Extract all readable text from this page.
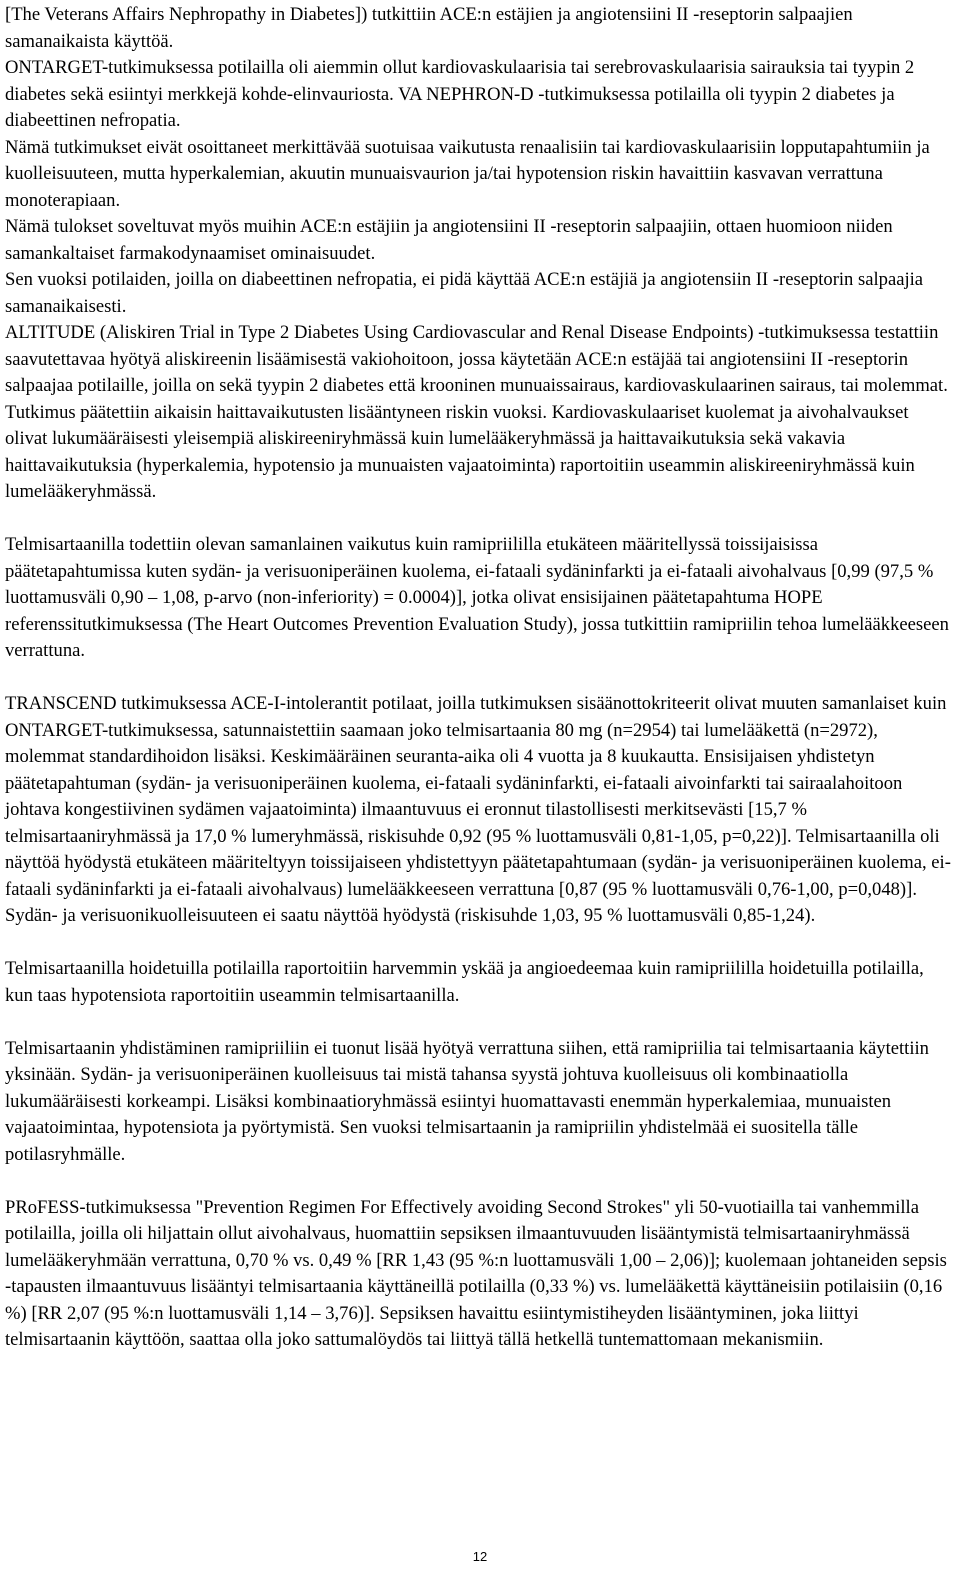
[The Veterans Affairs Nephropathy in Diabetes]) tutkittiin ACE:n estäjien ja angiotensiini II -reseptorin salpaajien samanaikaista käyttöä.

ONTARGET-tutkimuksessa potilailla oli aiemmin ollut kardiovaskulaarisia tai serebrovaskulaarisia sairauksia tai tyypin 2 diabetes sekä esiintyi merkkejä kohde-elinvauriosta. VA NEPHRON-D -tutkimuksessa potilailla oli tyypin 2 diabetes ja diabeettinen nefropatia.

Nämä tutkimukset eivät osoittaneet merkittävää suotuisaa vaikutusta renaalisiin tai kardiovaskulaarisiin lopputapahtumiin ja kuolleisuuteen, mutta hyperkalemian, akuutin munuaisvaurion ja/tai hypotension riskin havaittiin kasvavan verrattuna monoterapiaan.

Nämä tulokset soveltuvat myös muihin ACE:n estäjiin ja angiotensiini II -reseptorin salpaajiin, ottaen huomioon niiden samankaltaiset farmakodynaamiset ominaisuudet.

Sen vuoksi potilaiden, joilla on diabeettinen nefropatia, ei pidä käyttää ACE:n estäjiä ja angiotensiin II -reseptorin salpaajia samanaikaisesti.

ALTITUDE (Aliskiren Trial in Type 2 Diabetes Using Cardiovascular and Renal Disease Endpoints) -tutkimuksessa testattiin saavutettavaa hyötyä aliskireenin lisäämisestä vakiohoitoon, jossa käytetään ACE:n estäjää tai angiotensiini II -reseptorin salpaajaa potilaille, joilla on sekä tyypin 2 diabetes että krooninen munuaissairaus, kardiovaskulaarinen sairaus, tai molemmat. Tutkimus päätettiin aikaisin haittavaikutusten lisääntyneen riskin vuoksi. Kardiovaskulaariset kuolemat ja aivohalvaukset olivat lukumääräisesti yleisempiä aliskireeniryhmässä kuin lumelääkeryhmässä ja haittavaikutuksia sekä vakavia haittavaikutuksia (hyperkalemia, hypotensio ja munuaisten vajaatoiminta) raportoitiin useammin aliskireeniryhmässä kuin lumelääkeryhmässä.

Telmisartaanilla todettiin olevan samanlainen vaikutus kuin ramipriililla etukäteen määritellyssä toissijaisissa päätetapahtumissa kuten sydän- ja verisuoniperäinen kuolema, ei-fataali sydäninfarkti ja ei-fataali aivohalvaus [0,99 (97,5 % luottamusväli 0,90 – 1,08, p-arvo (non-inferiority) = 0.0004)], jotka olivat ensisijainen päätetapahtuma HOPE referenssitutkimuksessa (The Heart Outcomes Prevention Evaluation Study), jossa tutkittiin ramipriilin tehoa lumelääkkeeseen verrattuna.

TRANSCEND tutkimuksessa ACE-I-intolerantit potilaat, joilla tutkimuksen sisäänottokriteerit olivat muuten samanlaiset kuin ONTARGET-tutkimuksessa, satunnaistettiin saamaan joko telmisartaania 80 mg (n=2954) tai lumelääkettä (n=2972), molemmat standardihoidon lisäksi. Keskimääräinen seuranta-aika oli 4 vuotta ja 8 kuukautta. Ensisijaisen yhdistetyn päätetapahtuman (sydän- ja verisuoniperäinen kuolema, ei-fataali sydäninfarkti, ei-fataali aivoinfarkti tai sairaalahoitoon johtava kongestiivinen sydämen vajaatoiminta) ilmaantuvuus ei eronnut tilastollisesti merkitsevästi [15,7 % telmisartaaniryhmässä ja 17,0 % lumeryhmässä, riskisuhde 0,92 (95 % luottamusväli 0,81-1,05, p=0,22)]. Telmisartaanilla oli näyttöä hyödystä etukäteen määriteltyyn toissijaiseen yhdistettyyn päätetapahtumaan (sydän- ja verisuoniperäinen kuolema, ei-fataali sydäninfarkti ja ei-fataali aivohalvaus) lumelääkkeeseen verrattuna [0,87 (95 % luottamusväli 0,76-1,00, p=0,048)]. Sydän- ja verisuonikuolleisuuteen ei saatu näyttöä hyödystä (riskisuhde 1,03, 95 % luottamusväli 0,85-1,24).

Telmisartaanilla hoidetuilla potilailla raportoitiin harvemmin yskää ja angioedeemaa kuin ramipriililla hoidetuilla potilailla, kun taas hypotensiota raportoitiin useammin telmisartaanilla.

Telmisartaanin yhdistäminen ramipriiliin ei tuonut lisää hyötyä verrattuna siihen, että ramipriilia tai telmisartaania käytettiin yksinään. Sydän- ja verisuoniperäinen kuolleisuus tai mistä tahansa syystä johtuva kuolleisuus oli kombinaatiolla lukumääräisesti korkeampi. Lisäksi kombinaatioryhmässä esiintyi huomattavasti enemmän hyperkalemiaa, munuaisten vajaatoimintaa, hypotensiota ja pyörtymistä. Sen vuoksi telmisartaanin ja ramipriilin yhdistelmää ei suositella tälle potilasryhmälle.

PRoFESS-tutkimuksessa "Prevention Regimen For Effectively avoiding Second Strokes" yli 50-vuotiailla tai vanhemmilla potilailla, joilla oli hiljattain ollut aivohalvaus, huomattiin sepsiksen ilmaantuvuuden lisääntymistä telmisartaaniryhmässä lumelääkeryhmään verrattuna, 0,70 % vs. 0,49 % [RR 1,43 (95 %:n luottamusväli 1,00 – 2,06)]; kuolemaan johtaneiden sepsis -tapausten ilmaantuvuus lisääntyi telmisartaania käyttäneillä potilailla (0,33 %) vs. lumelääkettä käyttäneisiin potilaisiin (0,16 %) [RR 2,07 (95 %:n luottamusväli 1,14 – 3,76)]. Sepsiksen havaittu esiintymistiheyden lisääntyminen, joka liittyi telmisartaanin käyttöön, saattaa olla joko sattumalöydös tai liittyä tällä hetkellä tuntemattomaan mekanismiin.

12
